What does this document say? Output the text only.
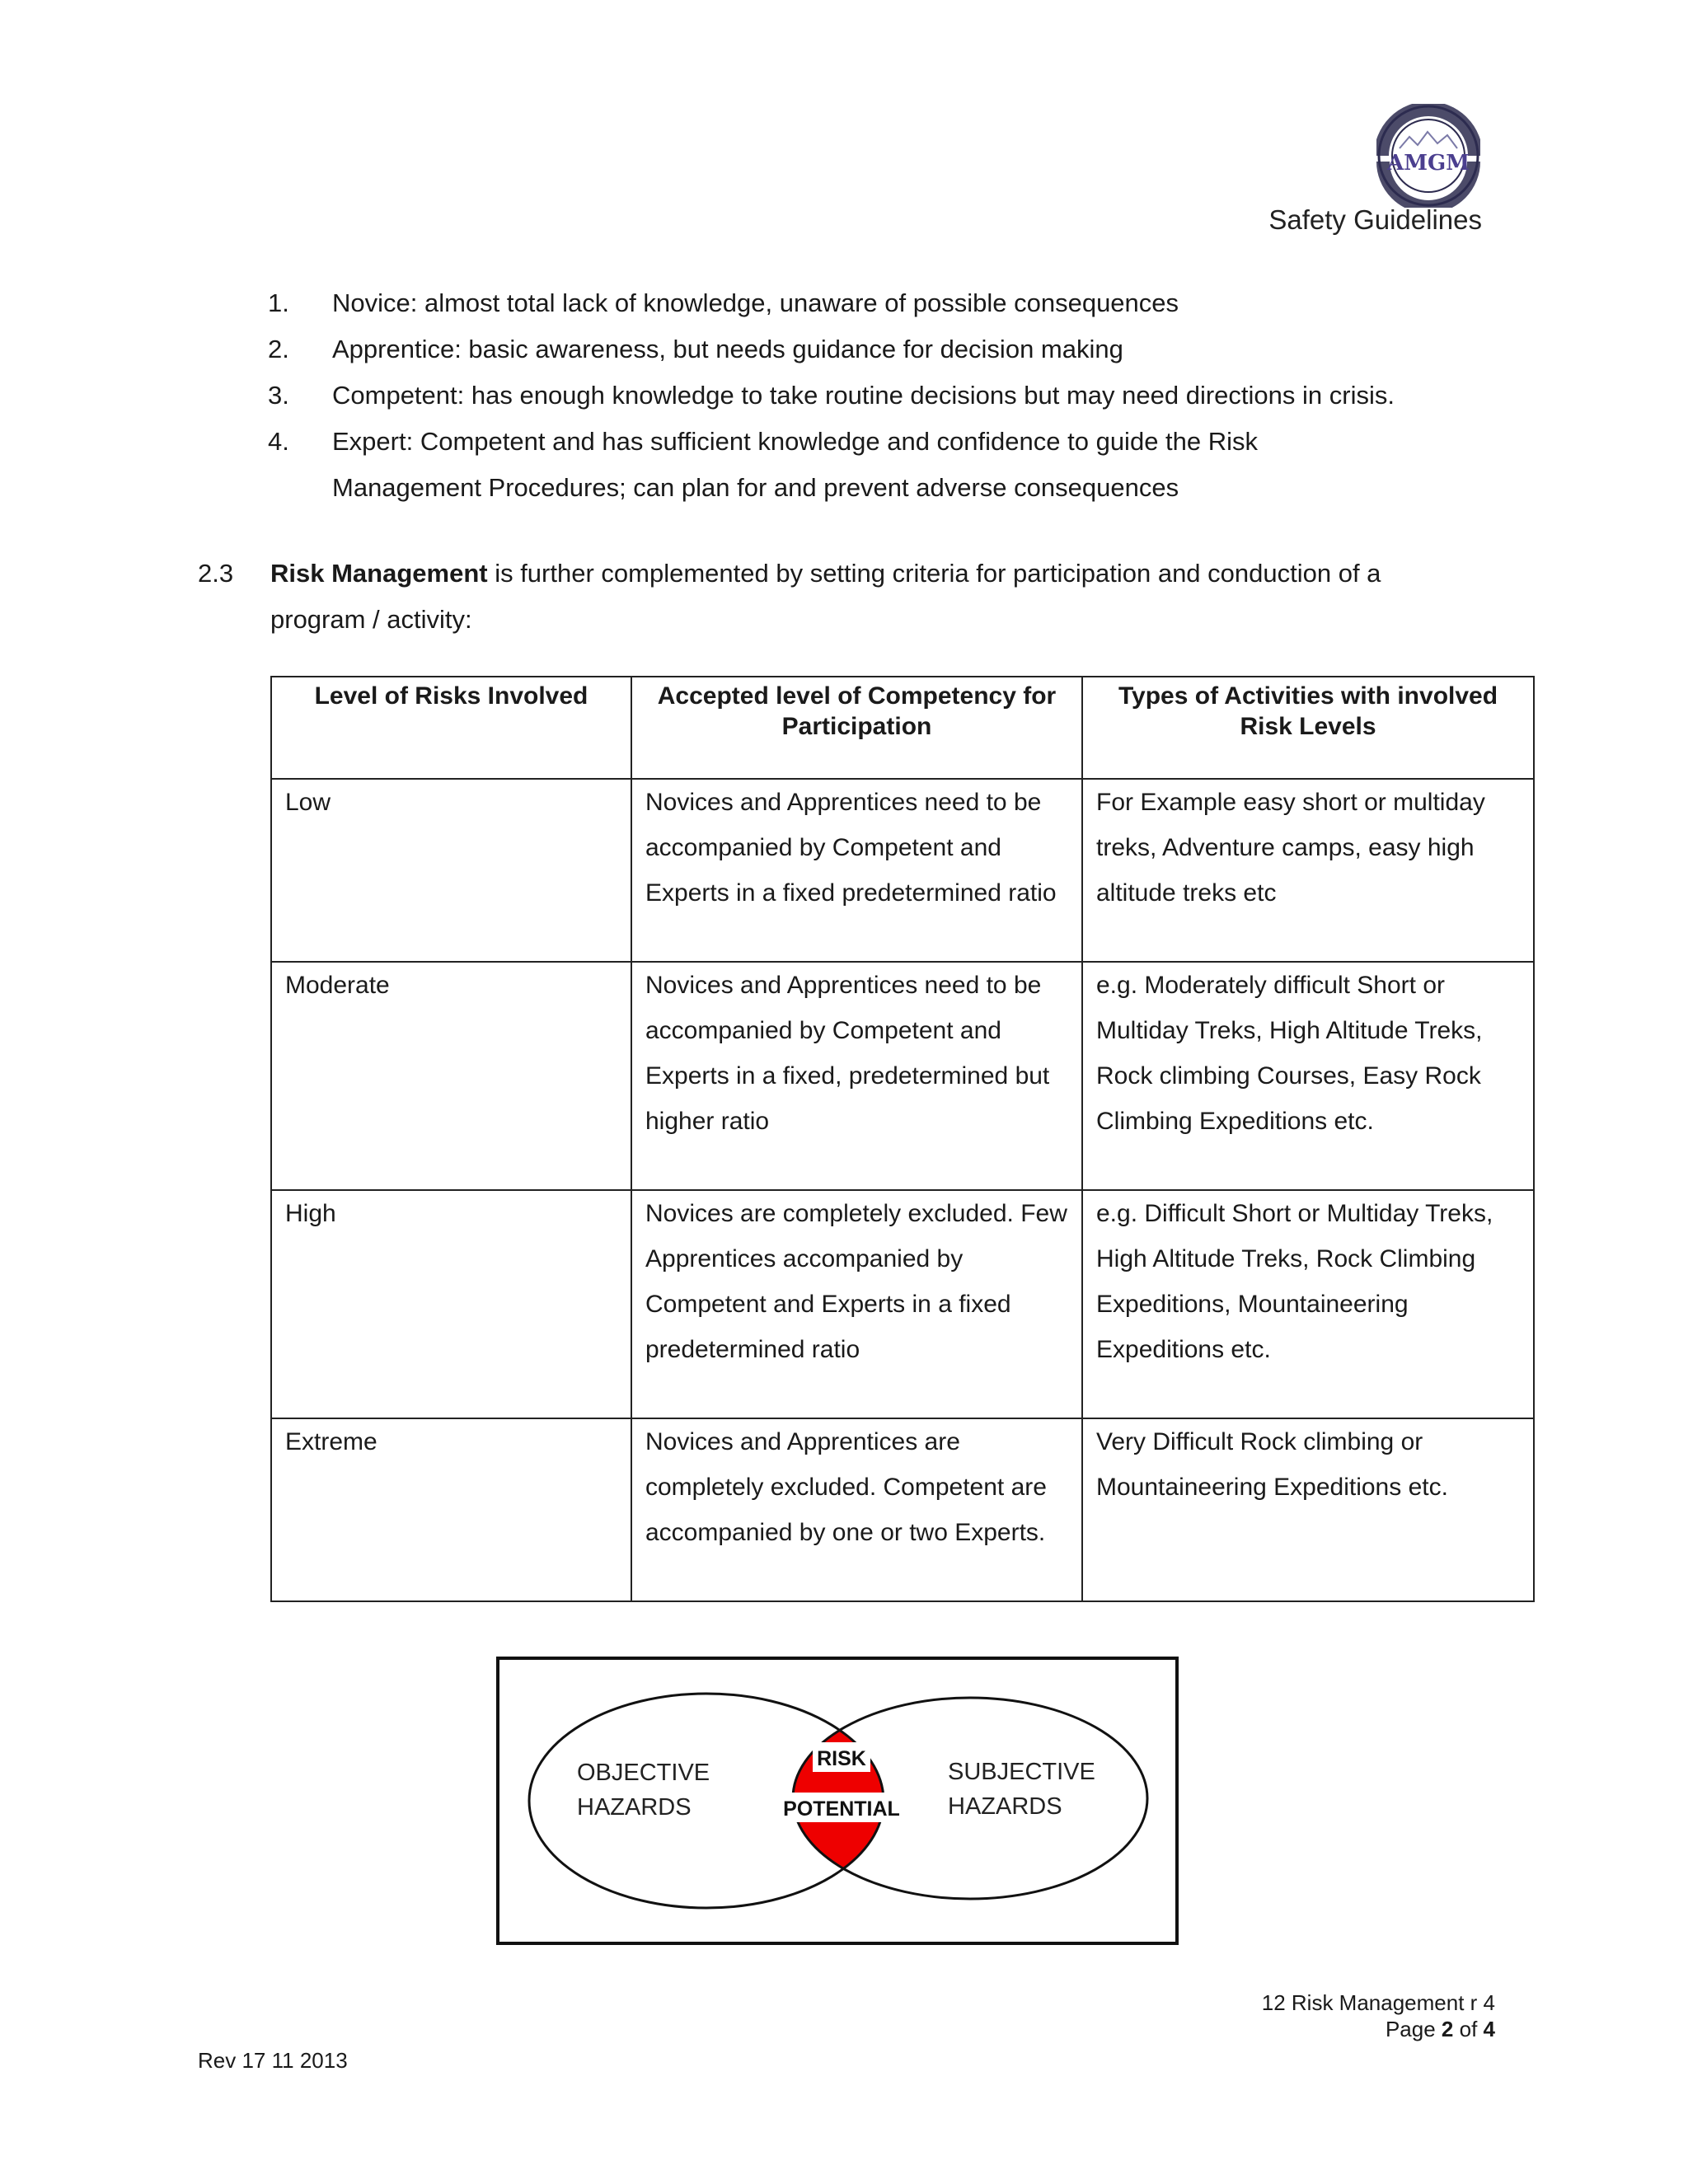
AMGM
Safety Guidelines
1. Novice: almost total lack of knowledge, unaware of possible consequences
2. Apprentice: basic awareness, but needs guidance for decision making
3. Competent: has enough knowledge to take routine decisions but may need directions in crisis.
4. Expert: Competent and has sufficient knowledge and confidence to guide the Risk
Management Procedures; can plan for and prevent adverse consequences
2.3 Risk Management is further complemented by setting criteria for participation and conduction of a
program / activity:
Level of Risks Involved	Accepted level of Competency for Participation	Types of Activities with involved Risk Levels
Low	Novices and Apprentices need to be accompanied by Competent and Experts in a fixed predetermined ratio	For Example easy short or multiday treks, Adventure camps, easy high altitude treks etc
Moderate	Novices and Apprentices need to be accompanied by Competent and Experts in a fixed, predetermined but higher ratio	e.g. Moderately difficult Short or Multiday Treks, High Altitude Treks, Rock climbing Courses, Easy Rock Climbing Expeditions etc.
High	Novices are completely excluded. Few Apprentices accompanied by Competent and Experts in a fixed predetermined ratio	e.g. Difficult Short or Multiday Treks, High Altitude Treks, Rock Climbing Expeditions, Mountaineering Expeditions etc.
Extreme	Novices and Apprentices are completely excluded. Competent are accompanied by one or two Experts.	Very Difficult Rock climbing or Mountaineering Expeditions etc.
OBJECTIVE
HAZARDS
SUBJECTIVE
HAZARDS
RISK
POTENTIAL
12 Risk Management r 4
Page 2 of 4
Rev 17 11 2013
